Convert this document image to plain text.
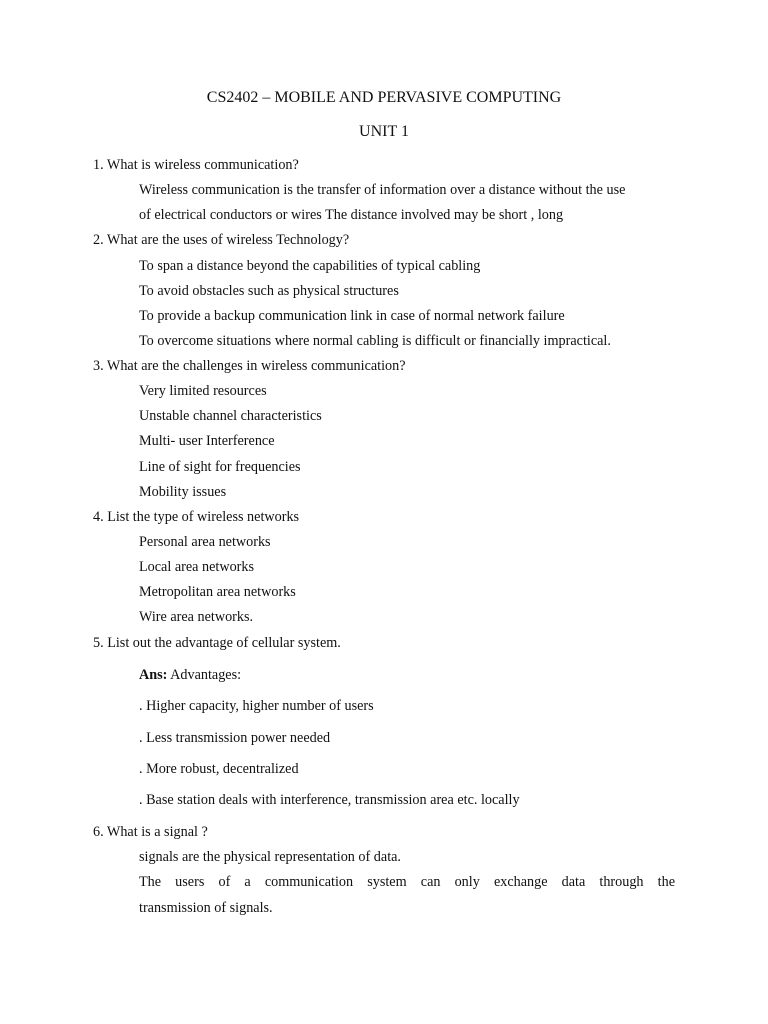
CS2402 – MOBILE AND PERVASIVE COMPUTING
UNIT 1
1. What is wireless communication?
Wireless communication is the transfer of information over a distance without the use
of electrical conductors or wires The distance involved may be short , long
2. What are the uses of wireless Technology?
To span a distance beyond the capabilities of typical cabling
To avoid obstacles such as physical structures
To provide a backup communication link in case of normal network failure
To overcome situations where normal cabling is difficult or financially impractical.
3. What are the challenges in wireless communication?
Very limited resources
Unstable channel characteristics
Multi- user Interference
Line of sight for frequencies
Mobility issues
4. List the type of wireless networks
Personal area networks
Local area networks
Metropolitan area networks
Wire area networks.
5. List out the advantage of cellular system.
Ans: Advantages:
. Higher capacity, higher number of users
. Less transmission power needed
. More robust, decentralized
. Base station deals with interference, transmission area etc. locally
6. What is a signal ?
signals are the physical representation of data.
The users of a communication system can only exchange data through the
transmission of signals.
